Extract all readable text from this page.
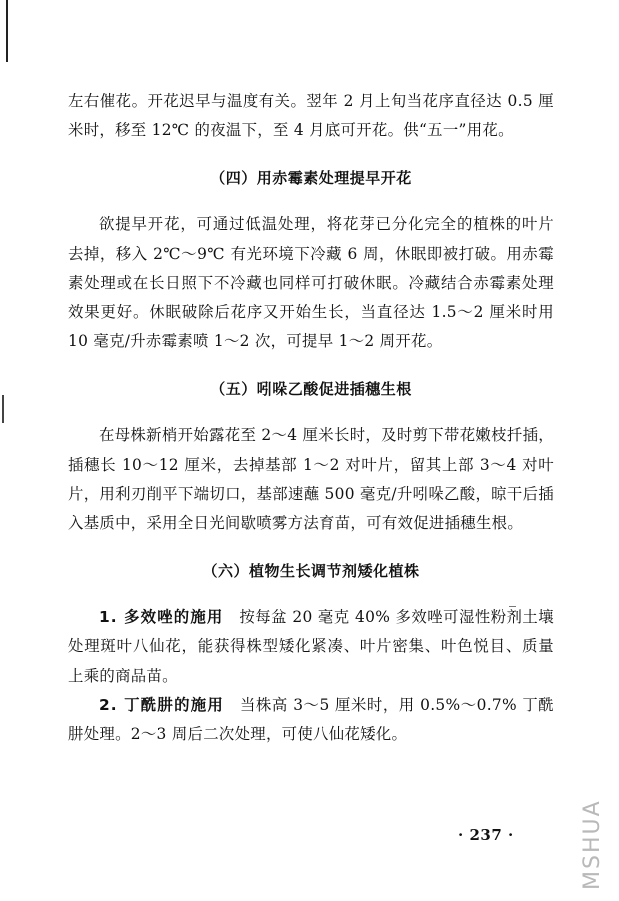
左右催花。开花迟早与温度有关。翌年 2 月上旬当花序直径达 0.5 厘米时，移至 12℃ 的夜温下，至 4 月底可开花。供“五一”用花。

（四）用赤霉素处理提早开花

欲提早开花，可通过低温处理，将花芽已分化完全的植株的叶片去掉，移入 2℃～9℃ 有光环境下冷藏 6 周，休眠即被打破。用赤霉素处理或在长日照下不冷藏也同样可打破休眠。冷藏结合赤霉素处理效果更好。休眠破除后花序又开始生长，当直径达 1.5～2 厘米时用 10 毫克/升赤霉素喷 1～2 次，可提早 1～2 周开花。

（五）吲哚乙酸促进插穗生根

在母株新梢开始露花至 2～4 厘米长时，及时剪下带花嫩枝扦插，插穗长 10～12 厘米，去掉基部 1～2 对叶片，留其上部 3～4 对叶片，用利刃削平下端切口，基部速蘸 500 毫克/升吲哚乙酸，晾干后插入基质中，采用全日光间歇喷雾方法育苗，可有效促进插穗生根。

（六）植物生长调节剂矮化植株

1. 多效唑的施用　 按每盆 20 毫克 40% 多效唑可湿性粉剂土壤处理斑叶八仙花，能获得株型矮化紧凑、叶片密集、叶色悦目、质量上乘的商品苗。

2. 丁酰肼的施用　 当株高 3～5 厘米时，用 0.5%～0.7% 丁酰肼处理。2～3 周后二次处理，可使八仙花矮化。

· 237 ·	MSHUA
